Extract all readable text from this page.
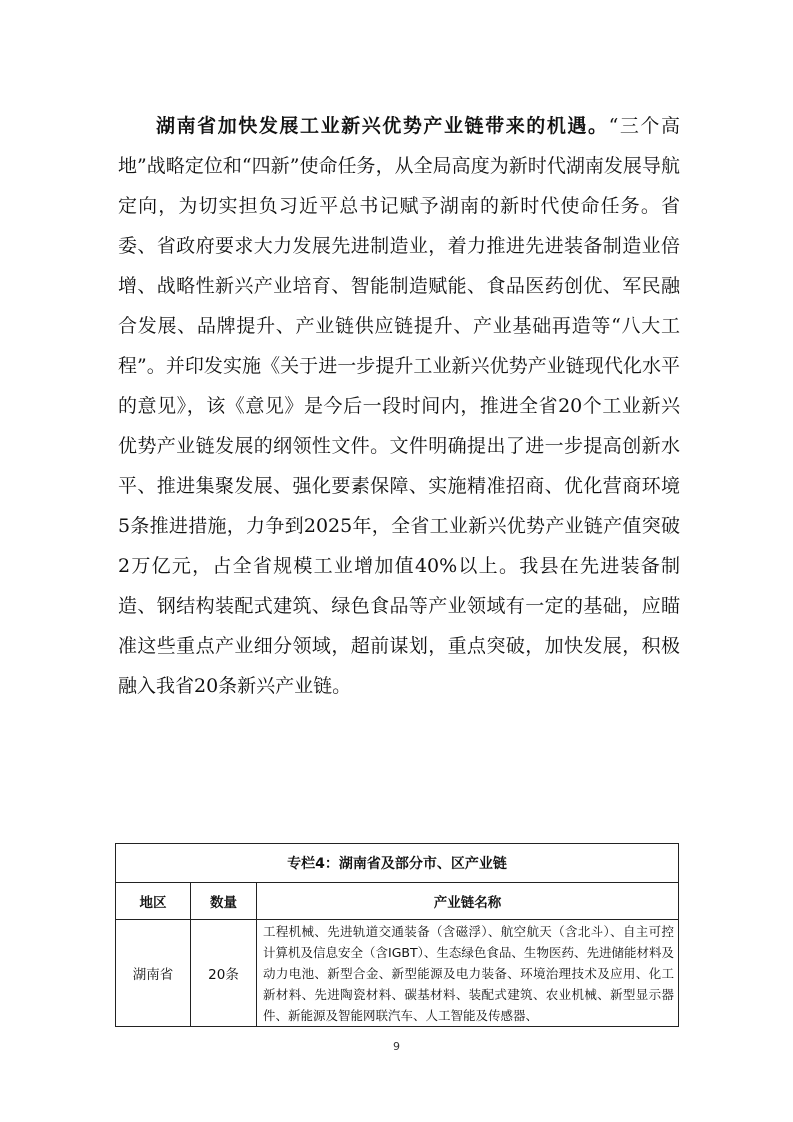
湖南省加快发展工业新兴优势产业链带来的机遇。“三个高地”战略定位和“四新”使命任务，从全局高度为新时代湖南发展导航定向，为切实担负习近平总书记赋予湖南的新时代使命任务。省委、省政府要求大力发展先进制造业，着力推进先进装备制造业倍增、战略性新兴产业培育、智能制造赋能、食品医药创优、军民融合发展、品牌提升、产业链供应链提升、产业基础再造等“八大工程”。并印发实施《关于进一步提升工业新兴优势产业链现代化水平的意见》，该《意见》是今后一段时间内，推进全省20个工业新兴优势产业链发展的纲领性文件。文件明确提出了进一步提高创新水平、推进集聚发展、强化要素保障、实施精准招商、优化营商环境5条推进措施，力争到2025年，全省工业新兴优势产业链产值突破2万亿元，占全省规模工业增加值40%以上。我县在先进装备制造、钢结构装配式建筑、绿色食品等产业领域有一定的基础，应瞄准这些重点产业细分领域，超前谋划，重点突破，加快发展，积极融入我省20条新兴产业链。

专栏4：湖南省及部分市、区产业链		
地区	数量	产业链名称
湖南省	20条	工程机械、先进轨道交通装备（含磁浮）、航空航天（含北斗）、自主可控计算机及信息安全（含IGBT）、生态绿色食品、生物医药、先进储能材料及动力电池、新型合金、新型能源及电力装备、环境治理技术及应用、化工新材料、先进陶瓷材料、碳基材料、装配式建筑、农业机械、新型显示器件、新能源及智能网联汽车、人工智能及传感器、
9
